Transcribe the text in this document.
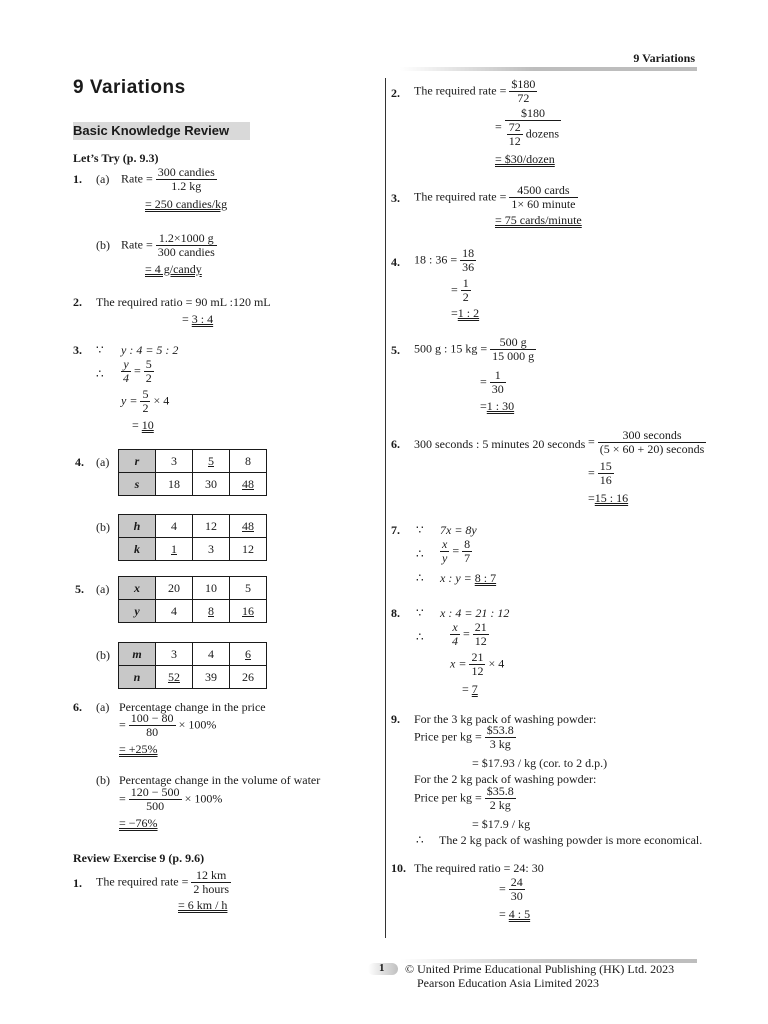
9 Variations
9 Variations
Basic Knowledge Review
Let’s Try (p. 9.3)
1. (a) Rate = $\frac{\text{300 candies}}{1.2 kg}$
= 250 candies/kg
(b) Rate = $\frac{1.2\times 1000 g}{\text{300 candies}}$
= 4 g/candy
2. The required ratio = 90 mL :120 mL
= 3 : 4
3. ∵ y : 4 = 5 : 2
∴ $\frac{y}{4} = \frac{5}{2}$
$y = \frac{5}{2} \times 4$
= 10
4. (a) r	3	5	8
s	18	30	48
(b) h	4	12	48
k	1	3	12
5. (a) x	20	10	5
y	4	8	16
(b) m	3	4	6
n	52	39	26
6. (a) Percentage change in the price
= $\frac{100 - 80}{80} \times 100\%$
= +25%
(b) Percentage change in the volume of water
= $\frac{120 - 500}{500} \times 100\%$
= −76%
Review Exercise 9 (p. 9.6)
1. The required rate = $\frac{12 km}{\text{2 hours}}$
= 6 km / h
2. The required rate = $\frac{\$180}{72}$
= $\frac{\$180}{\frac{72}{12} dozens}$
= $30/dozen
3. The required rate = $\frac{\text{4500 cards}}{\text{1× 60 minute}}$
= 75 cards/minute
4. 18 : $36 = \frac{18}{36}$
= $\frac{1}{2}$
=1 : 2
5. 500 g : 15 kg = $\frac{500 g}{15 000 g}$
= $\frac{1}{30}$
=1 : 30
6. 300 seconds : 5 minutes 20 seconds = $\frac{\text{300 seconds}}{\text{(5 × 60 + 20) seconds}}$
= $\frac{15}{16}$
=15 : 16
7. ∵ 7x = 8y
∴ $\frac{x}{y} = \frac{8}{7}$
∴ x : y = 8 : 7
8. ∵ x : 4 = 21 : 12
∴ $\frac{x}{4} = \frac{21}{12}$
$x = \frac{21}{12} \times 4$
= 7
9. For the 3 kg pack of washing powder:
Price per kg = $\frac{\$53.8}{3 kg}$
= $17.93 / kg (cor. to 2 d.p.)
For the 2 kg pack of washing powder:
Price per kg = $\frac{\$35.8}{2 kg}$
= $17.9 / kg
∴ The 2 kg pack of washing powder is more economical.
10. The required ratio = 24: 30
= $\frac{24}{30}$
= 4 : 5
1 © United Prime Educational Publishing (HK) Ltd. 2023
Pearson Education Asia Limited 2023
